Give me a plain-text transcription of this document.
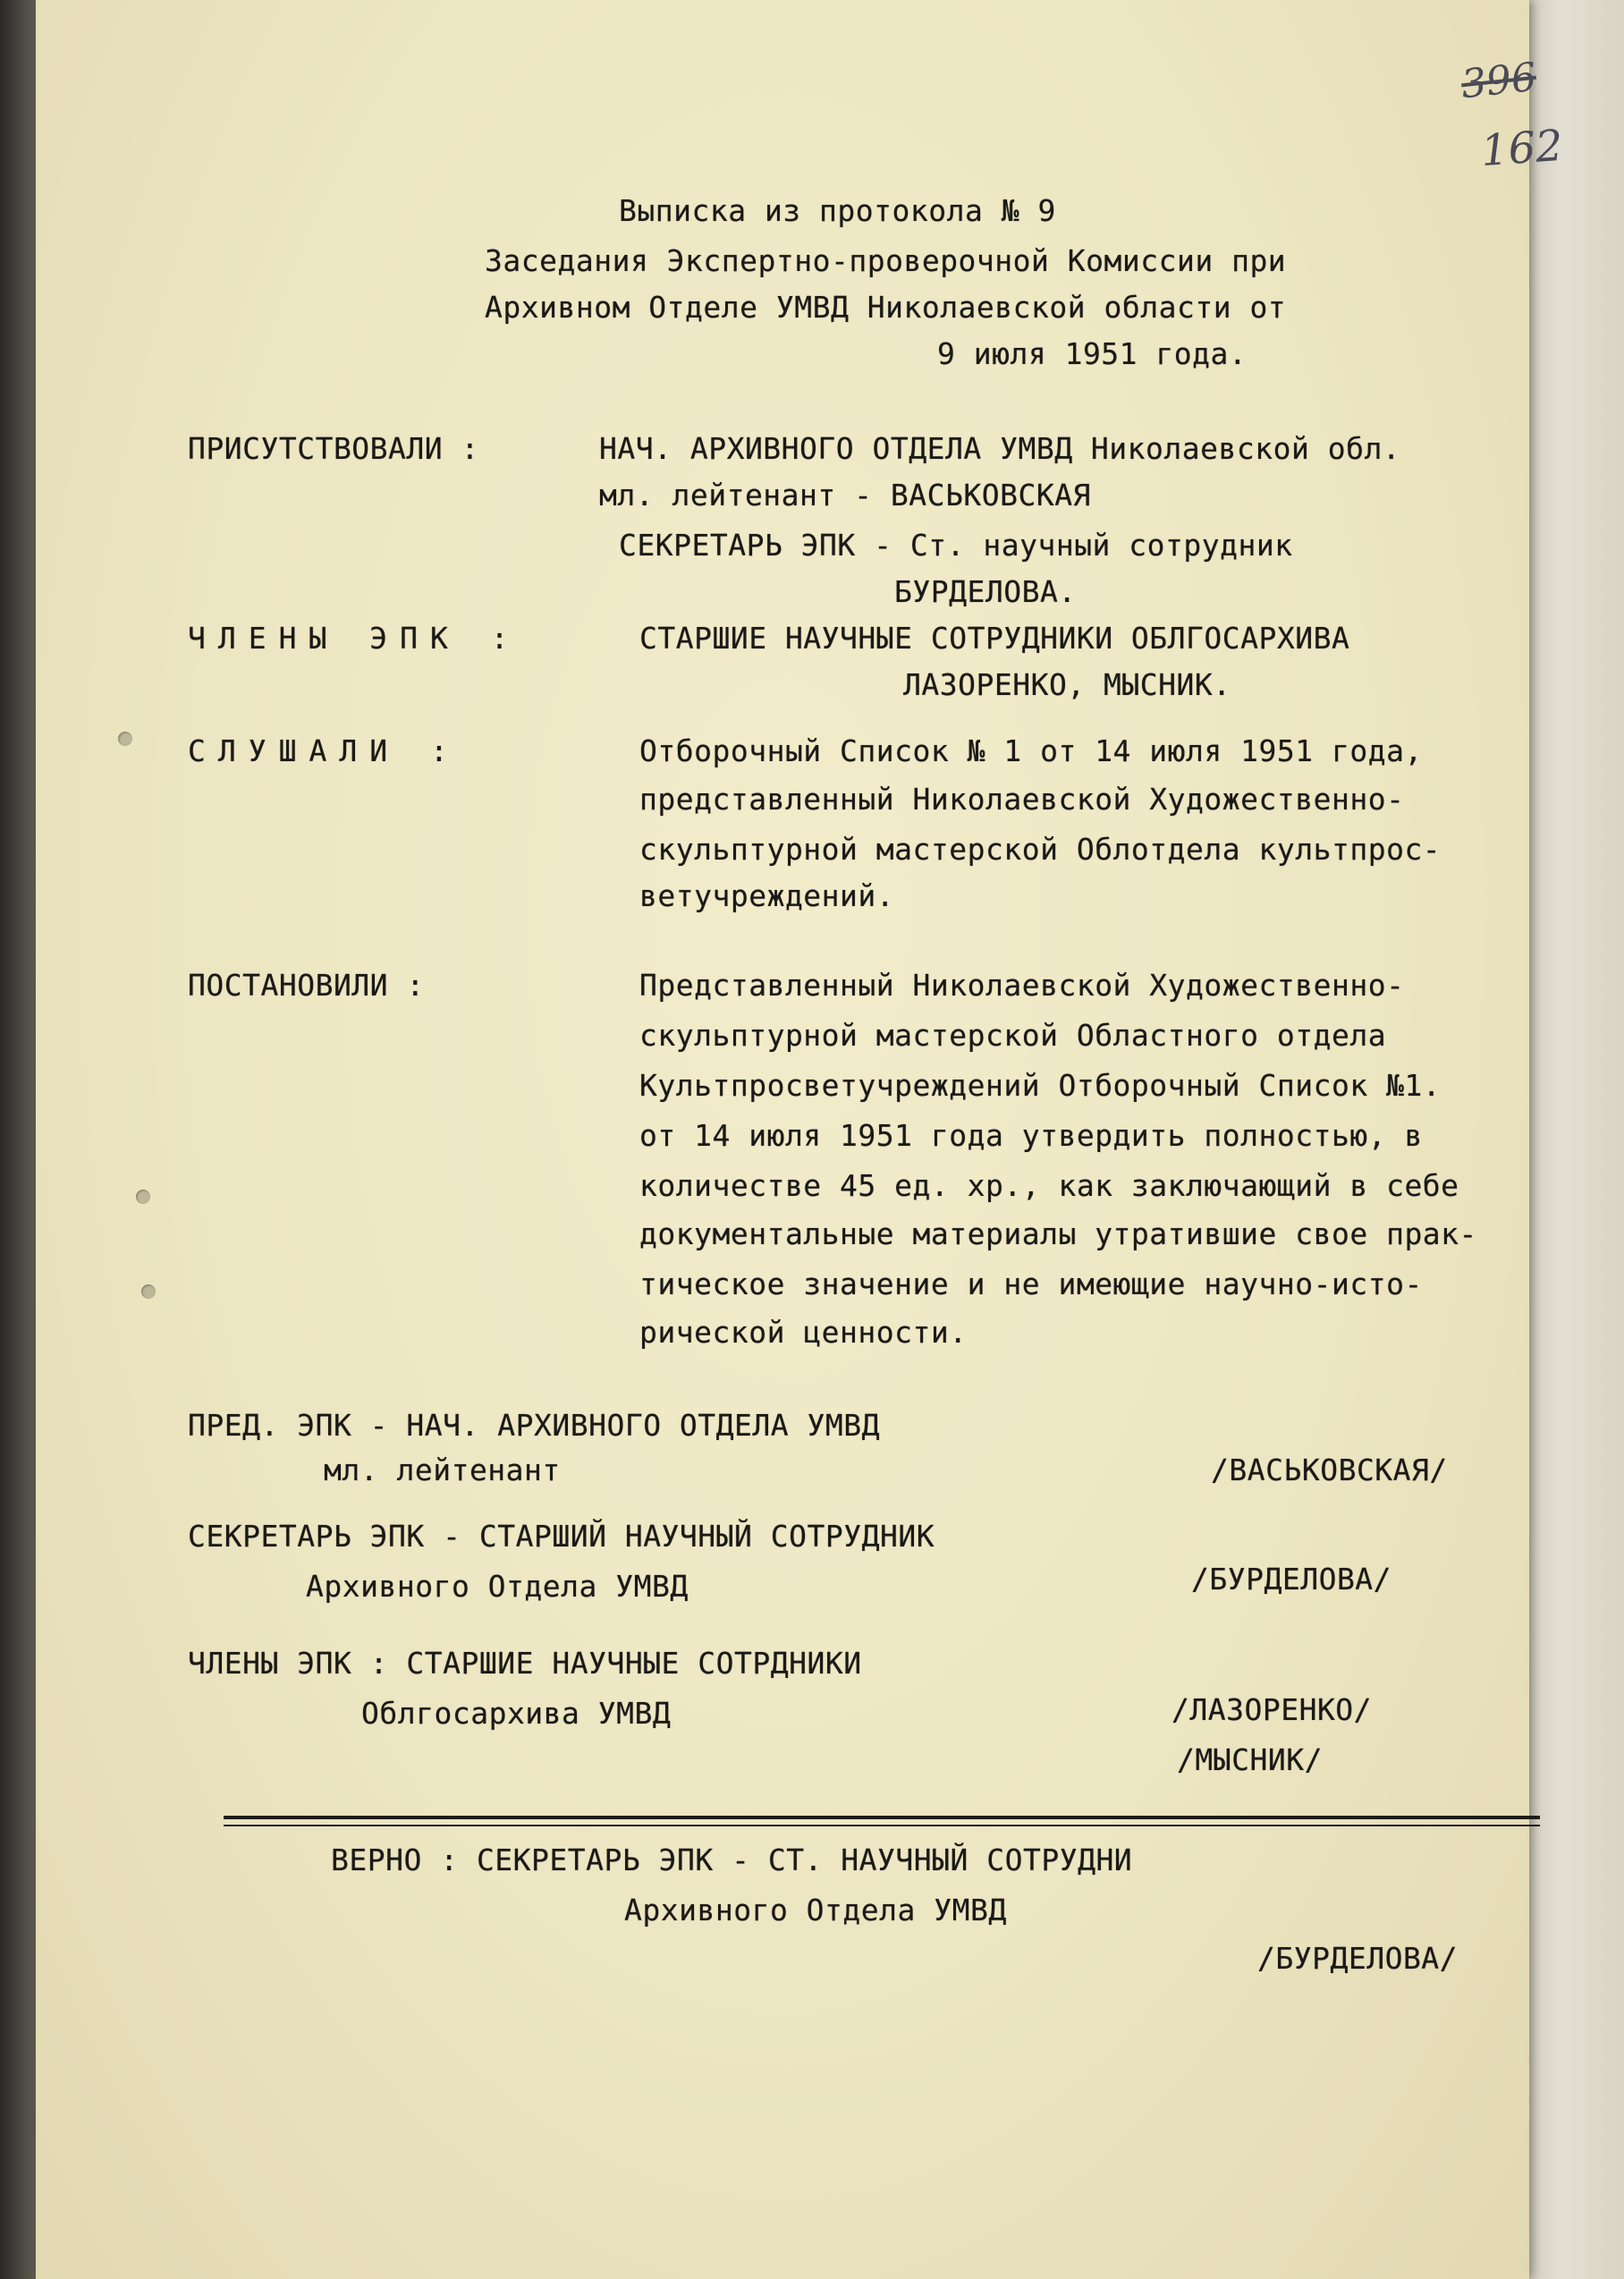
396
162
Выписка из протокола № 9
Заседания Экспертно-проверочной Комиссии при
Архивном Отделе УМВД Николаевской области от
9 июля 1951 года.
ПРИСУТСТВОВАЛИ :	НАЧ. АРХИВНОГО ОТДЕЛА УМВД Николаевской обл.
мл. лейтенант - ВАСЬКОВСКАЯ
СЕКРЕТАРЬ ЭПК - Ст. научный сотрудник
БУРДЕЛОВА.
ЧЛЕНЫ ЭПК :	СТАРШИЕ НАУЧНЫЕ СОТРУДНИКИ ОБЛГОСАРХИВА
ЛАЗОРЕНКО, МЫСНИК.
СЛУШАЛИ :	Отборочный Список № 1 от 14 июля 1951 года,
представленный Николаевской Художественно-
скульптурной мастерской Облотдела культпрос-
ветучреждений.
ПОСТАНОВИЛИ :	Представленный Николаевской Художественно-
скульптурной мастерской Областного отдела
Культпросветучреждений Отборочный Список №1.
от 14 июля 1951 года утвердить полностью, в
количестве 45 ед. хр., как заключающий в себе
документальные материалы утратившие свое прак-
тическое значение и не имеющие научно-исто-
рической ценности.
ПРЕД. ЭПК - НАЧ. АРХИВНОГО ОТДЕЛА УМВД
мл. лейтенант	/ВАСЬКОВСКАЯ/
СЕКРЕТАРЬ ЭПК - СТАРШИЙ НАУЧНЫЙ СОТРУДНИК
Архивного Отдела УМВД	/БУРДЕЛОВА/
ЧЛЕНЫ ЭПК : СТАРШИЕ НАУЧНЫЕ СОТРДНИКИ
Облгосархива УМВД	/ЛАЗОРЕНКО/
/МЫСНИК/
ВЕРНО : СЕКРЕТАРЬ ЭПК - СТ. НАУЧНЫЙ СОТРУДНИ
Архивного Отдела УМВД
/БУРДЕЛОВА/
